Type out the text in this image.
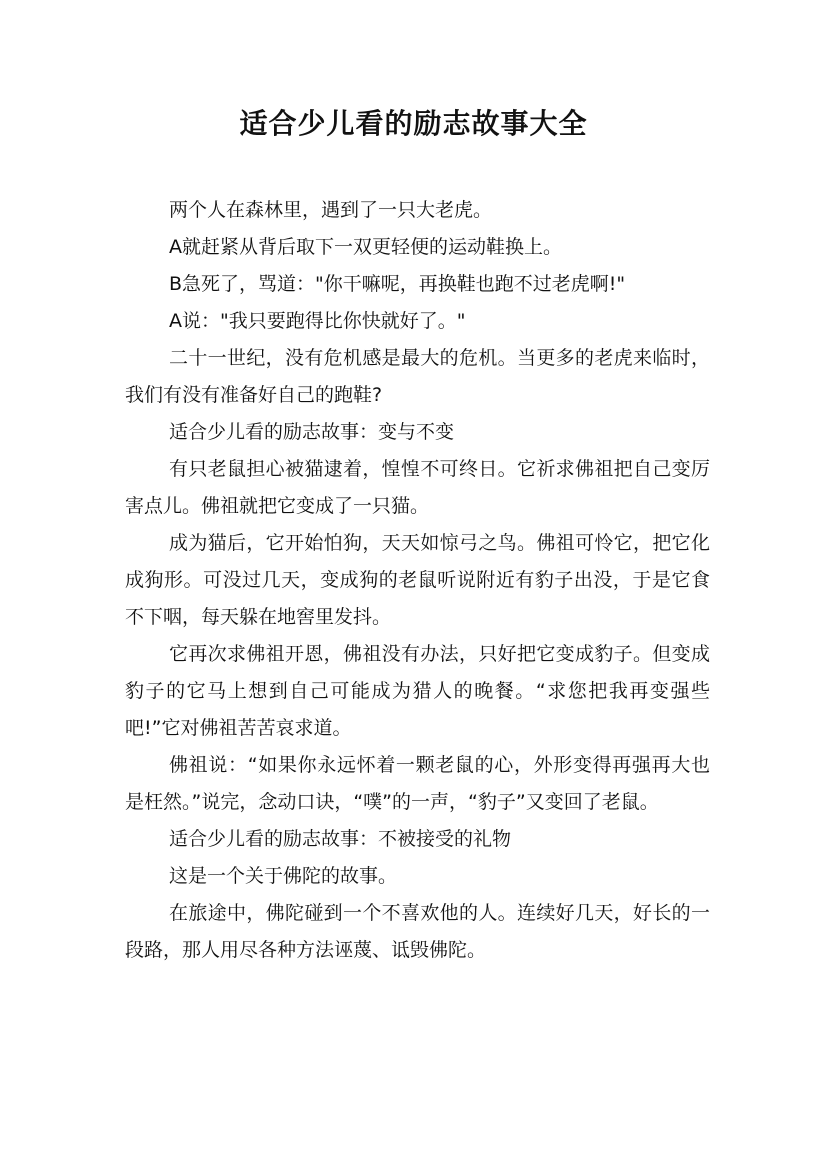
适合少儿看的励志故事大全

两个人在森林里，遇到了一只大老虎。

A就赶紧从背后取下一双更轻便的运动鞋换上。

B急死了，骂道："你干嘛呢，再换鞋也跑不过老虎啊!"

A说："我只要跑得比你快就好了。"

二十一世纪，没有危机感是最大的危机。当更多的老虎来临时，我们有没有准备好自己的跑鞋?

适合少儿看的励志故事：变与不变

有只老鼠担心被猫逮着，惶惶不可终日。它祈求佛祖把自己变厉害点儿。佛祖就把它变成了一只猫。

成为猫后，它开始怕狗，天天如惊弓之鸟。佛祖可怜它，把它化成狗形。可没过几天，变成狗的老鼠听说附近有豹子出没，于是它食不下咽，每天躲在地窖里发抖。

它再次求佛祖开恩，佛祖没有办法，只好把它变成豹子。但变成豹子的它马上想到自己可能成为猎人的晚餐。“求您把我再变强些吧!”它对佛祖苦苦哀求道。

佛祖说：“如果你永远怀着一颗老鼠的心，外形变得再强再大也是枉然。”说完，念动口诀，“噗”的一声，“豹子”又变回了老鼠。

适合少儿看的励志故事：不被接受的礼物

这是一个关于佛陀的故事。

在旅途中，佛陀碰到一个不喜欢他的人。连续好几天，好长的一段路，那人用尽各种方法诬蔑、诋毁佛陀。
